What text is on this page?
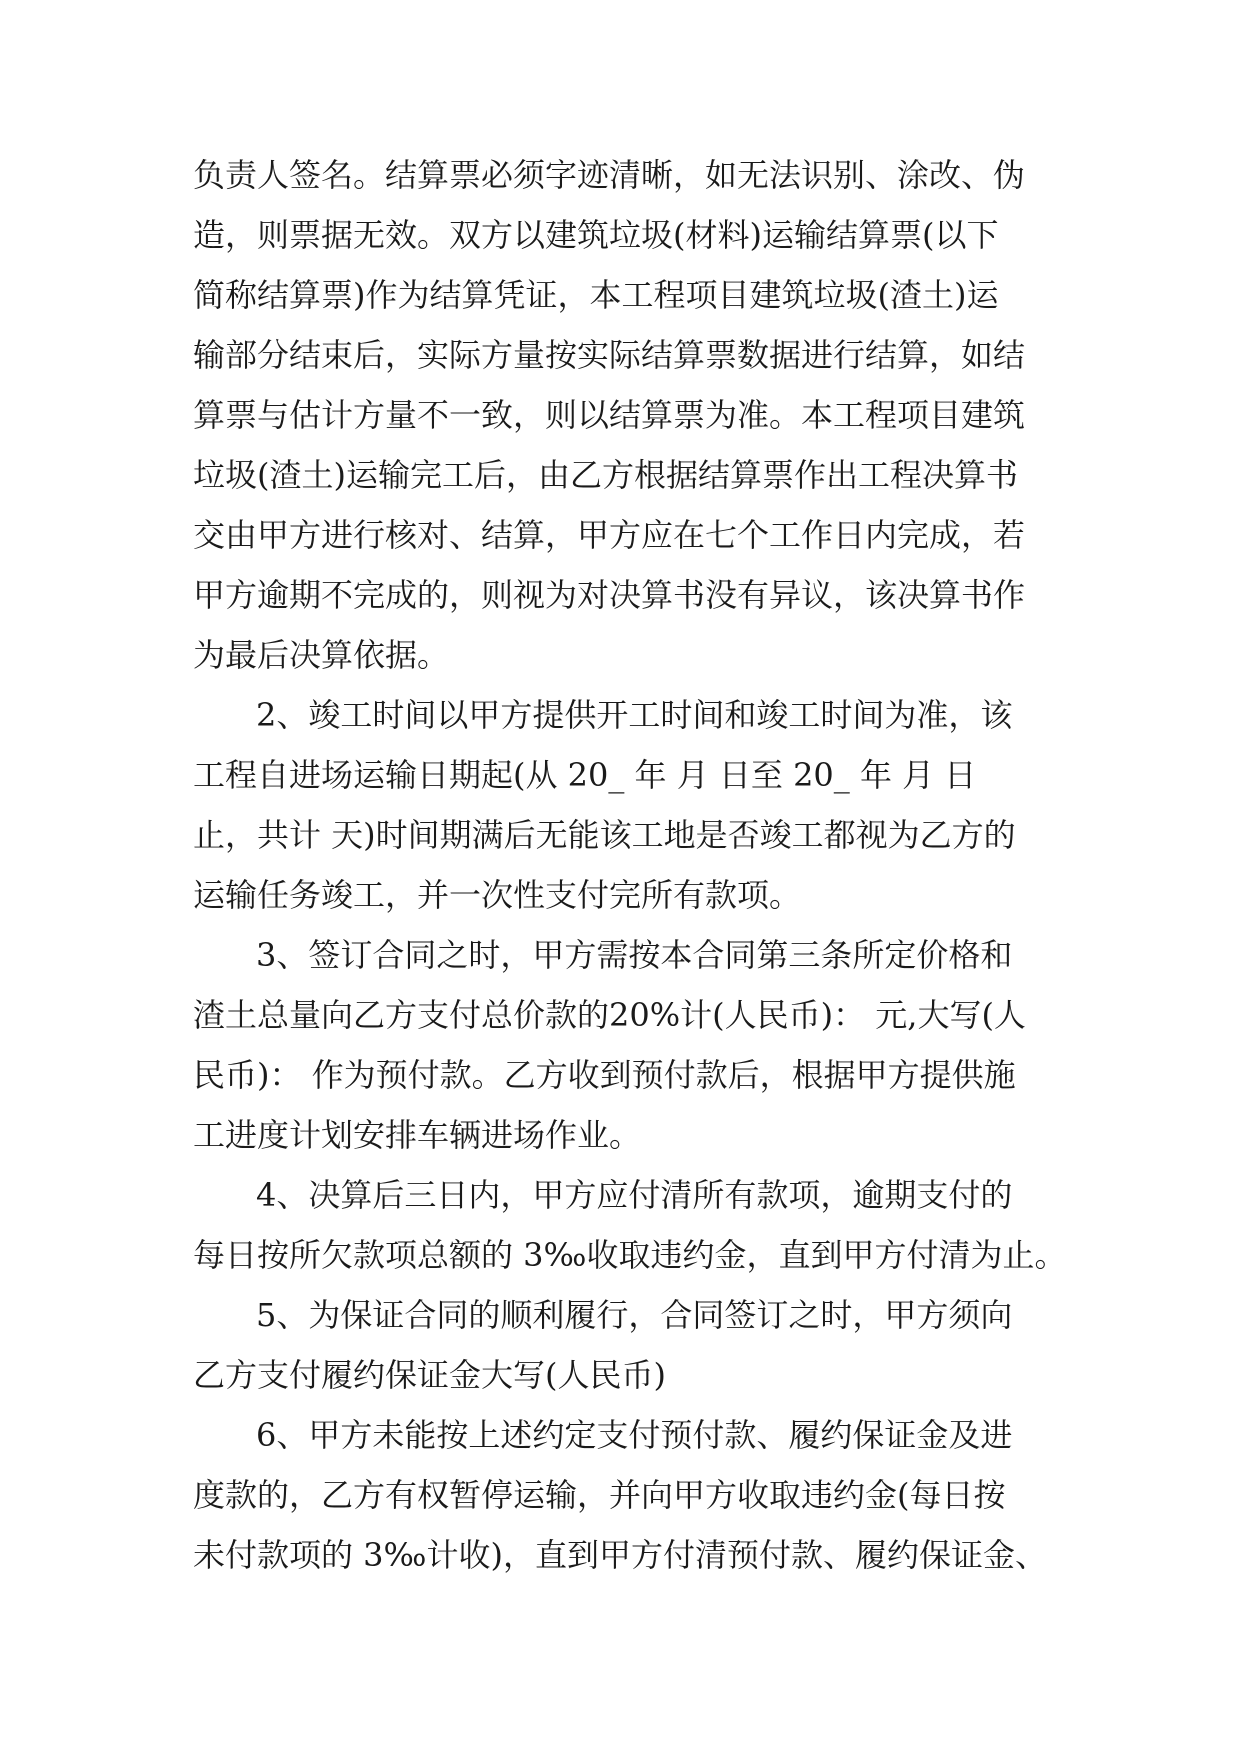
负责人签名。结算票必须字迹清晰，如无法识别、涂改、伪
造，则票据无效。双方以建筑垃圾(材料)运输结算票(以下
简称结算票)作为结算凭证，本工程项目建筑垃圾(渣土)运
输部分结束后，实际方量按实际结算票数据进行结算，如结
算票与估计方量不一致，则以结算票为准。本工程项目建筑
垃圾(渣土)运输完工后，由乙方根据结算票作出工程决算书
交由甲方进行核对、结算，甲方应在七个工作日内完成，若
甲方逾期不完成的，则视为对决算书没有异议，该决算书作
为最后决算依据。
2、竣工时间以甲方提供开工时间和竣工时间为准，该
工程自进场运输日期起(从 20_ 年 月 日至 20_ 年 月 日
止，共计 天)时间期满后无能该工地是否竣工都视为乙方的
运输任务竣工，并一次性支付完所有款项。
3、签订合同之时，甲方需按本合同第三条所定价格和
渣土总量向乙方支付总价款的20%计(人民币)： 元,大写(人
民币)： 作为预付款。乙方收到预付款后，根据甲方提供施
工进度计划安排车辆进场作业。
4、决算后三日内，甲方应付清所有款项，逾期支付的
每日按所欠款项总额的 3‰收取违约金，直到甲方付清为止。
5、为保证合同的顺利履行，合同签订之时，甲方须向
乙方支付履约保证金大写(人民币)
6、甲方未能按上述约定支付预付款、履约保证金及进
度款的，乙方有权暂停运输，并向甲方收取违约金(每日按
未付款项的 3‰计收)，直到甲方付清预付款、履约保证金、
